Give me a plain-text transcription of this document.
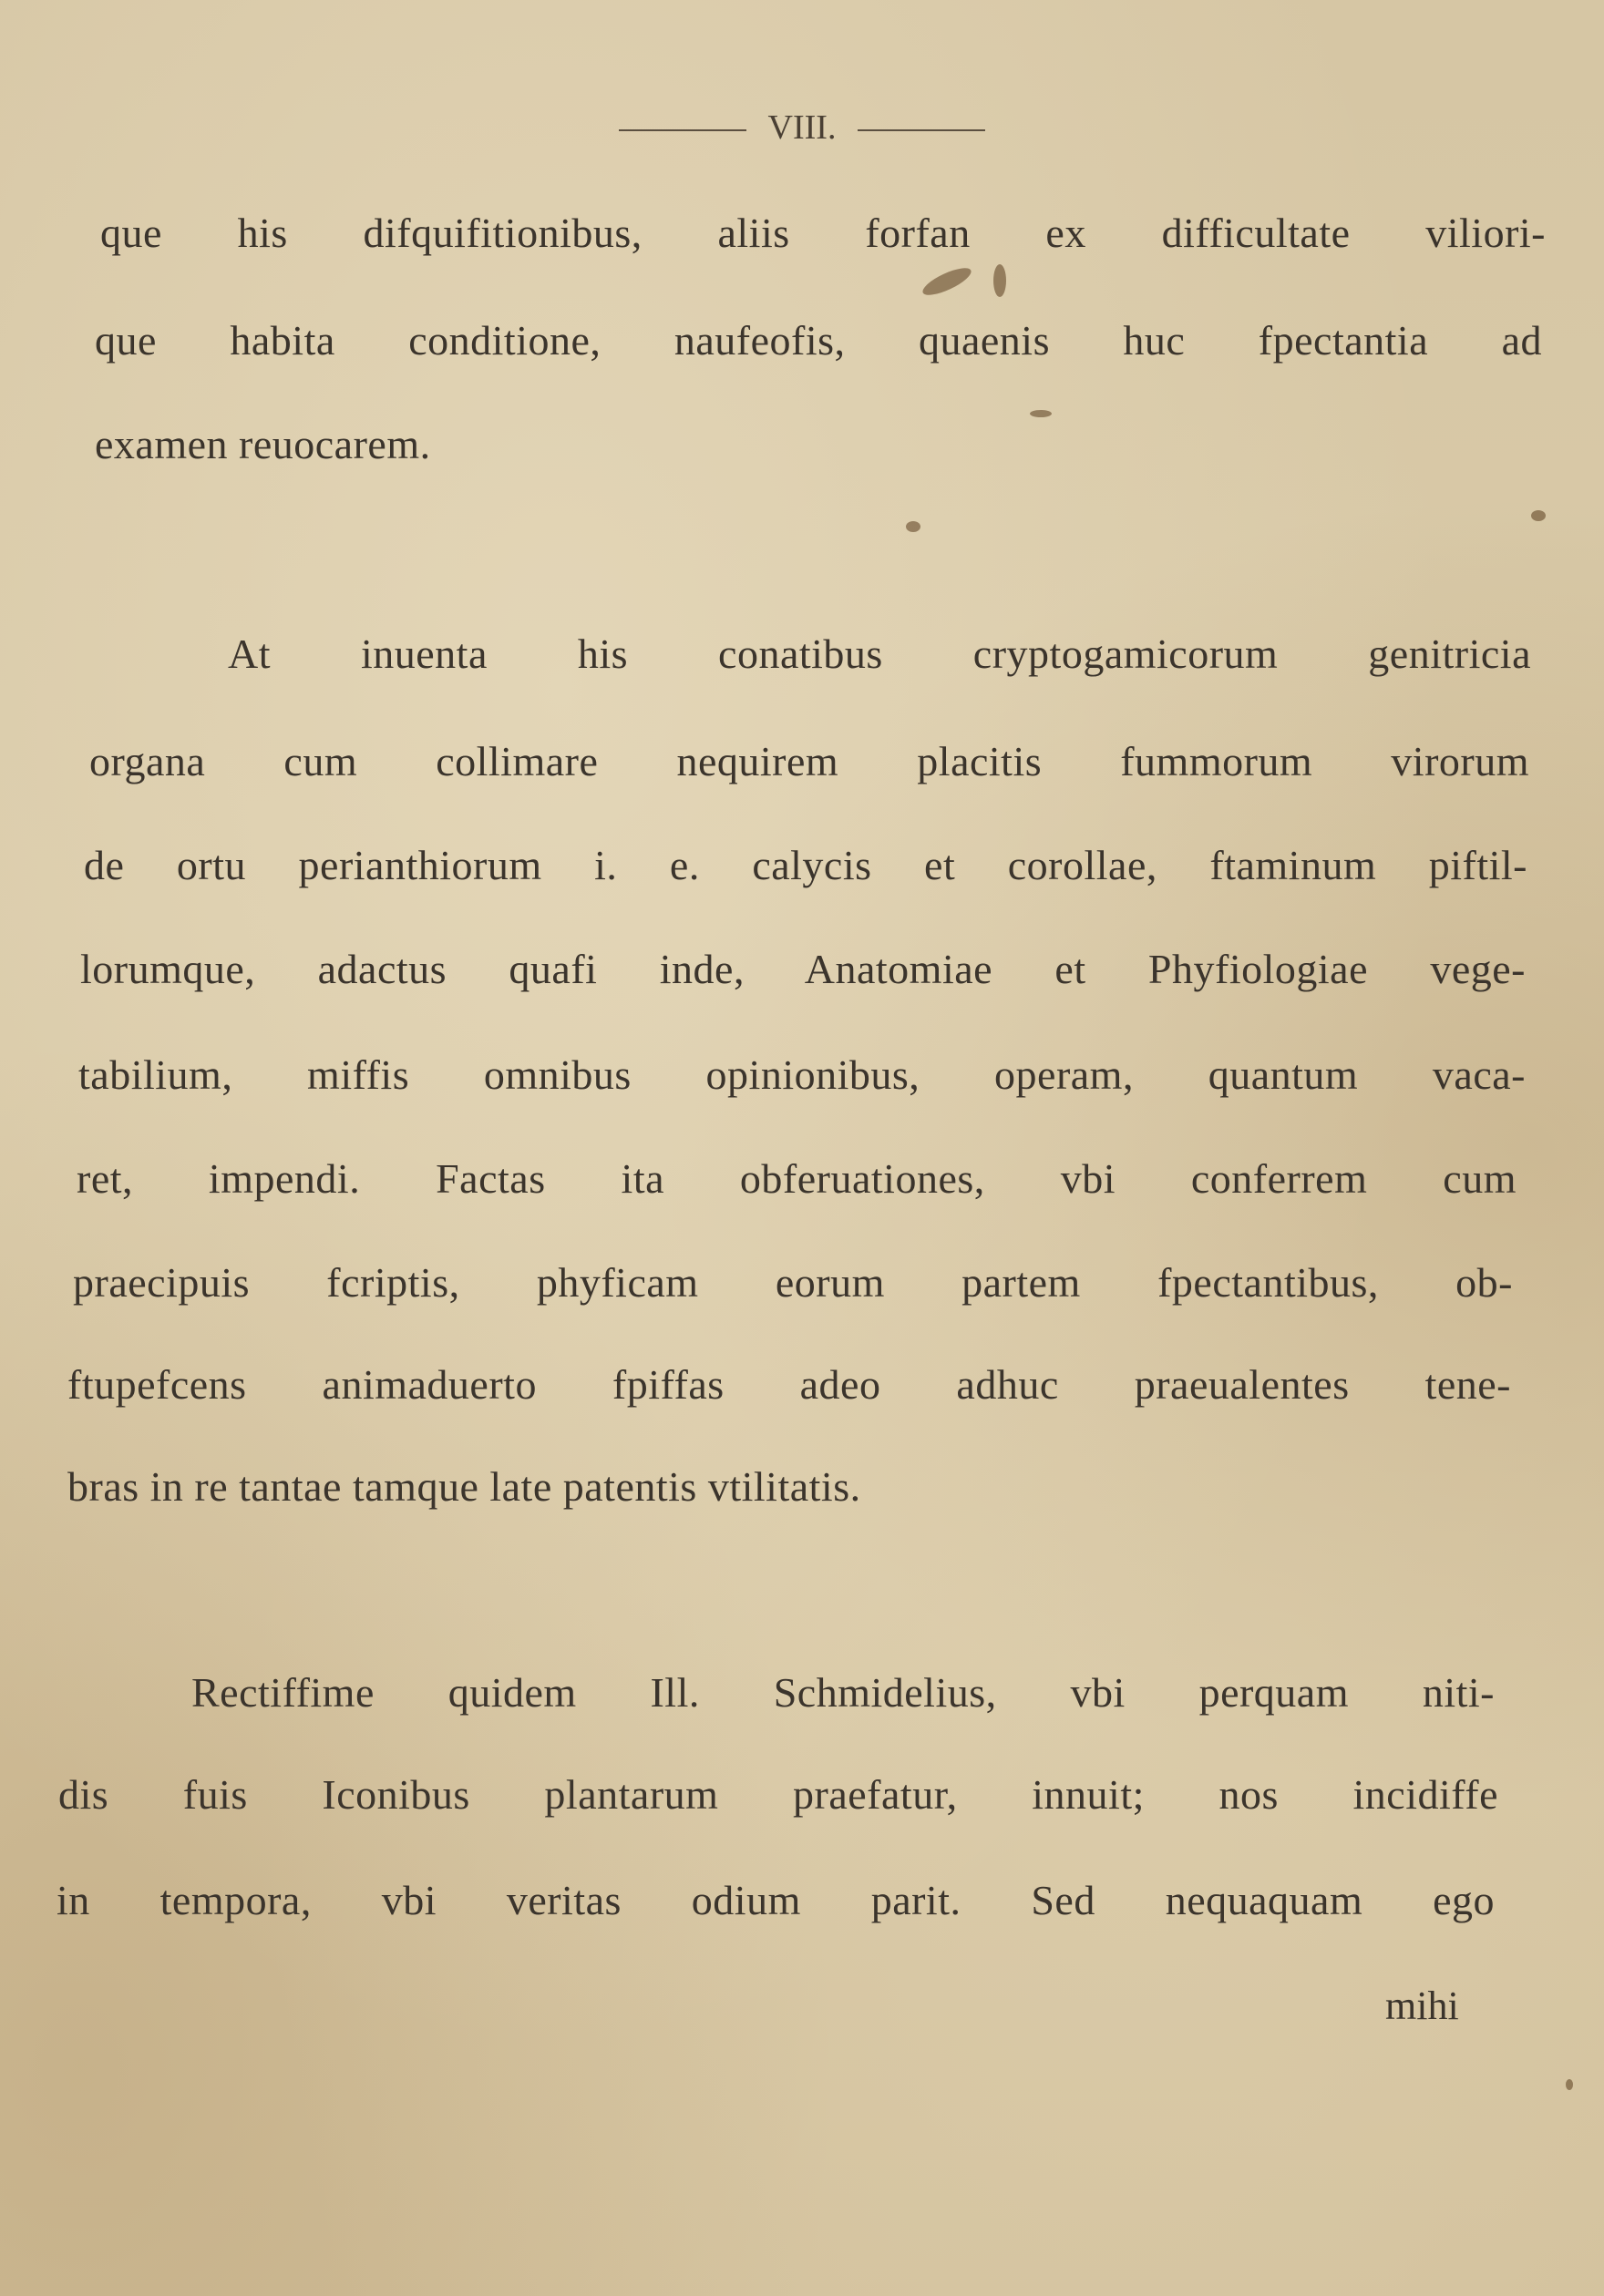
VIII.
que his difquifitionibus, aliis forfan ex difficultate viliori-
que habita conditione, naufeofis, quaenis huc fpectantia ad
examen reuocarem.
At inuenta his conatibus cryptogamicorum genitricia
organa cum collimare nequirem placitis fummorum virorum
de ortu perianthiorum i. e. calycis et corollae, ftaminum piftil-
lorumque, adactus quafi inde, Anatomiae et Phyfiologiae vege-
tabilium, miffis omnibus opinionibus, operam, quantum vaca-
ret, impendi. Factas ita obferuationes, vbi conferrem cum
praecipuis fcriptis, phyficam eorum partem fpectantibus, ob-
ftupefcens animaduerto fpiffas adeo adhuc praeualentes tene-
bras in re tantae tamque late patentis vtilitatis.
Rectiffime quidem Ill. Schmidelius, vbi perquam niti-
dis fuis Iconibus plantarum praefatur, innuit; nos incidiffe
in tempora, vbi veritas odium parit. Sed nequaquam ego
mihi
